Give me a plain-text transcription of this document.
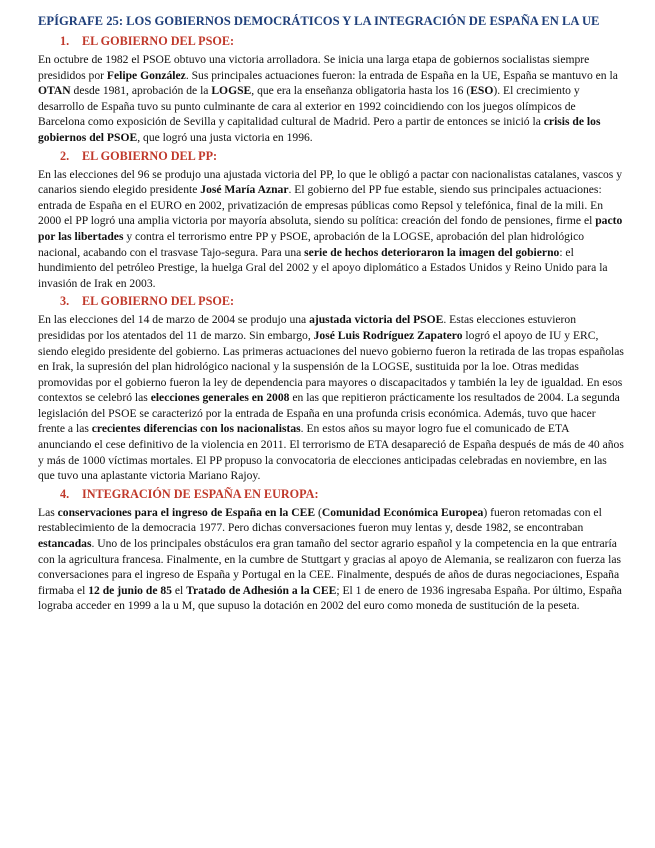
EPÍGRAFE 25: LOS GOBIERNOS DEMOCRÁTICOS Y LA INTEGRACIÓN DE ESPAÑA EN LA UE
1. EL GOBIERNO DEL PSOE:
En octubre de 1982 el PSOE obtuvo una victoria arrolladora. Se inicia una larga etapa de gobiernos socialistas siempre presididos por Felipe González. Sus principales actuaciones fueron: la entrada de España en la UE, España se mantuvo en la OTAN desde 1981, aprobación de la LOGSE, que era la enseñanza obligatoria hasta los 16 (ESO). El crecimiento y desarrollo de España tuvo su punto culminante de cara al exterior en 1992 coincidiendo con los juegos olímpicos de Barcelona como exposición de Sevilla y capitalidad cultural de Madrid. Pero a partir de entonces se inició la crisis de los gobiernos del PSOE, que logró una justa victoria en 1996.
2. EL GOBIERNO DEL PP:
En las elecciones del 96 se produjo una ajustada victoria del PP, lo que le obligó a pactar con nacionalistas catalanes, vascos y canarios siendo elegido presidente José María Aznar. El gobierno del PP fue estable, siendo sus principales actuaciones: entrada de España en el EURO en 2002, privatización de empresas públicas como Repsol y telefónica, final de la mili. En 2000 el PP logró una amplia victoria por mayoría absoluta, siendo su política: creación del fondo de pensiones, firme el pacto por las libertades y contra el terrorismo entre PP y PSOE, aprobación de la LOGSE, aprobación del plan hidrológico nacional, acabando con el trasvase Tajo-segura. Para una serie de hechos deterioraron la imagen del gobierno: el hundimiento del petróleo Prestige, la huelga Gral del 2002 y el apoyo diplomático a Estados Unidos y Reino Unido para la invasión de Irak en 2003.
3. EL GOBIERNO DEL PSOE:
En las elecciones del 14 de marzo de 2004 se produjo una ajustada victoria del PSOE. Estas elecciones estuvieron presididas por los atentados del 11 de marzo. Sin embargo, José Luis Rodríguez Zapatero logró el apoyo de IU y ERC, siendo elegido presidente del gobierno. Las primeras actuaciones del nuevo gobierno fueron la retirada de las tropas españolas en Irak, la supresión del plan hidrológico nacional y la suspensión de la LOGSE, sustituida por la loe. Otras medidas promovidas por el gobierno fueron la ley de dependencia para mayores o discapacitados y también la ley de igualdad. En esos contextos se celebró las elecciones generales en 2008 en las que repitieron prácticamente los resultados de 2004. La segunda legislación del PSOE se caracterizó por la entrada de España en una profunda crisis económica. Además, tuvo que hacer frente a las crecientes diferencias con los nacionalistas. En estos años su mayor logro fue el comunicado de ETA anunciando el cese definitivo de la violencia en 2011. El terrorismo de ETA desapareció de España después de más de 40 años y más de 1000 víctimas mortales. El PP propuso la convocatoria de elecciones anticipadas celebradas en noviembre, en las que tuvo una aplastante victoria Mariano Rajoy.
4. INTEGRACIÓN DE ESPAÑA EN EUROPA:
Las conservaciones para el ingreso de España en la CEE (Comunidad Económica Europea) fueron retomadas con el restablecimiento de la democracia 1977. Pero dichas conversaciones fueron muy lentas y, desde 1982, se encontraban estancadas. Uno de los principales obstáculos era gran tamaño del sector agrario español y la competencia en la que entraría con la agricultura francesa. Finalmente, en la cumbre de Stuttgart y gracias al apoyo de Alemania, se realizaron con fuerza las conversaciones para el ingreso de España y Portugal en la CEE. Finalmente, después de años de duras negociaciones, España firmaba el 12 de junio de 85 el Tratado de Adhesión a la CEE; El 1 de enero de 1936 ingresaba España. Por último, España lograba acceder en 1999 a la u M, que supuso la dotación en 2002 del euro como moneda de sustitución de la peseta.
